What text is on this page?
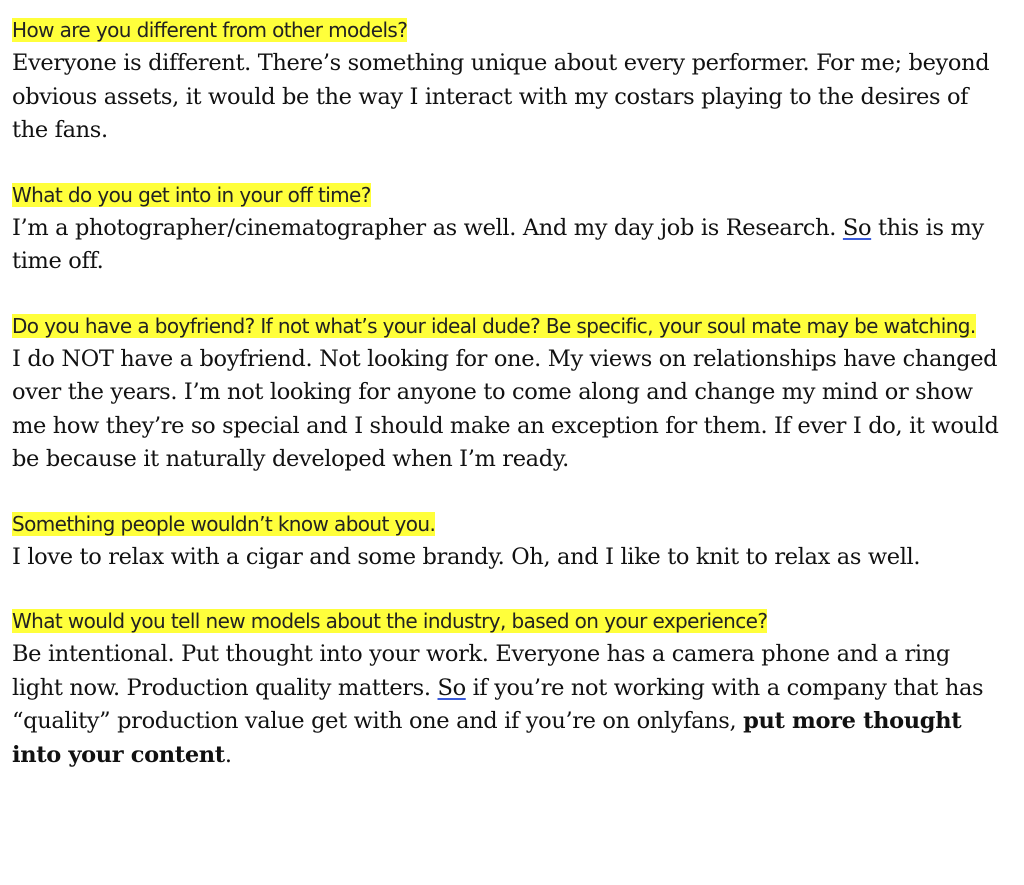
How are you different from other models?

Everyone is different. There’s something unique about every performer. For me; beyond obvious assets, it would be the way I interact with my costars playing to the desires of the fans.

What do you get into in your off time?

I’m a photographer/cinematographer as well. And my day job is Research. So this is my time off.

Do you have a boyfriend? If not what’s your ideal dude? Be specific, your soul mate may be watching.

I do NOT have a boyfriend. Not looking for one. My views on relationships have changed over the years. I’m not looking for anyone to come along and change my mind or show me how they’re so special and I should make an exception for them. If ever I do, it would be because it naturally developed when I’m ready.

Something people wouldn’t know about you.

I love to relax with a cigar and some brandy. Oh, and I like to knit to relax as well.

What would you tell new models about the industry, based on your experience?

Be intentional. Put thought into your work. Everyone has a camera phone and a ring light now. Production quality matters. So if you’re not working with a company that has “quality” production value get with one and if you’re on onlyfans, put more thought into your content.
